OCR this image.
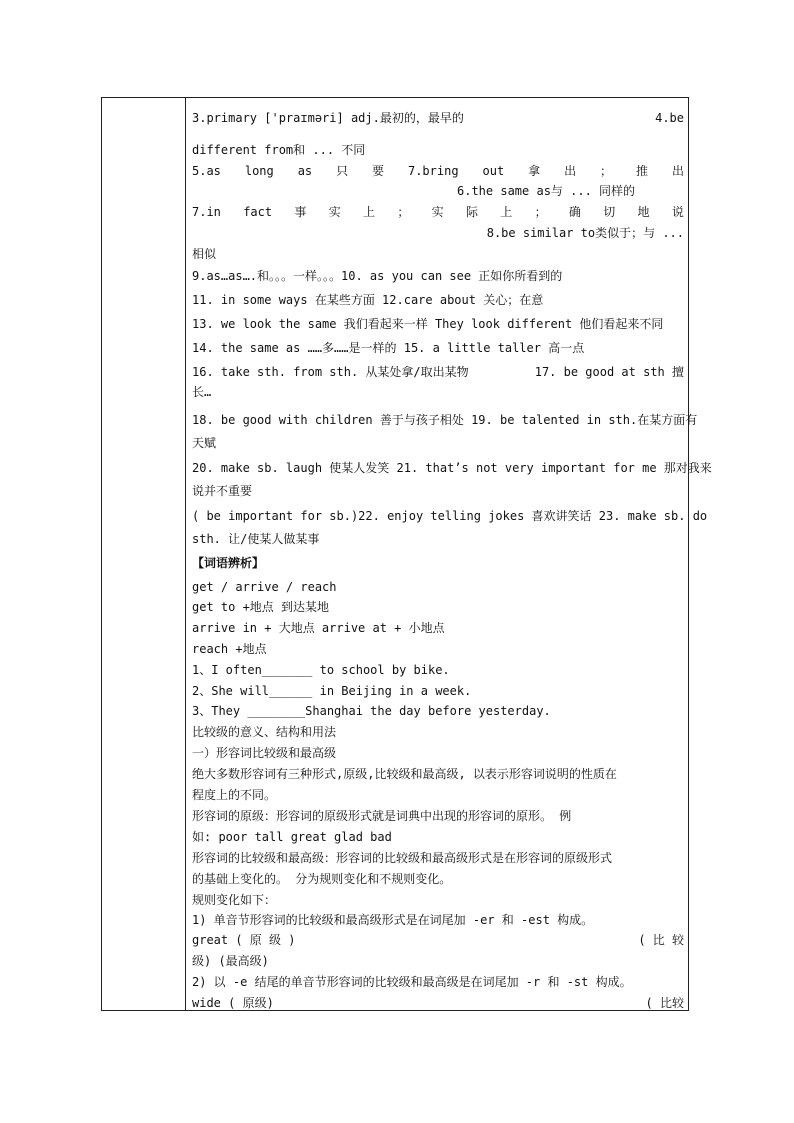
3.primary ['praɪməri] adj.最初的，最早的	4.be
different from和 ... 不同
5.as long as 只 要 7.bring out 拿 出 ； 推 出
6.the same as与 ... 同样的
7.in fact 事 实 上 ； 实 际 上 ； 确 切 地 说
8.be similar to类似于；与 ...
相似
9.as…as….和。。。一样。。。10. as you can see 正如你所看到的
11. in some ways 在某些方面 12.care about 关心；在意
13. we look the same 我们看起来一样 They look different 他们看起来不同
14. the same as ……多……是一样的 15. a little taller 高一点
16. take sth. from sth. 从某处拿/取出某物	17. be good at sth 擅
长…
18. be good with children 善于与孩子相处 19. be talented in sth.在某方面有
天赋
20. make sb. laugh 使某人发笑 21. that’s not very important for me 那对我来
说并不重要
( be important for sb.)22. enjoy telling jokes 喜欢讲笑话 23. make sb. do
sth. 让/使某人做某事
【词语辨析】
get / arrive / reach
get to +地点 到达某地
arrive in + 大地点 arrive at + 小地点
reach +地点
1、I often_______ to school by bike.
2、She will______ in Beijing in a week.
3、They ________Shanghai the day before yesterday.
比较级的意义、结构和用法
一）形容词比较级和最高级
绝大多数形容词有三种形式,原级,比较级和最高级, 以表示形容词说明的性质在
程度上的不同。
形容词的原级：形容词的原级形式就是词典中出现的形容词的原形。 例
如: poor tall great glad bad
形容词的比较级和最高级：形容词的比较级和最高级形式是在形容词的原级形式
的基础上变化的。 分为规则变化和不规则变化。
规则变化如下：
1) 单音节形容词的比较级和最高级形式是在词尾加 -er 和 -est 构成。
great ( 原 级 )	( 比 较
级) (最高级)
2) 以 -e 结尾的单音节形容词的比较级和最高级是在词尾加 -r 和 -st 构成。
wide ( 原级)	( 比较
